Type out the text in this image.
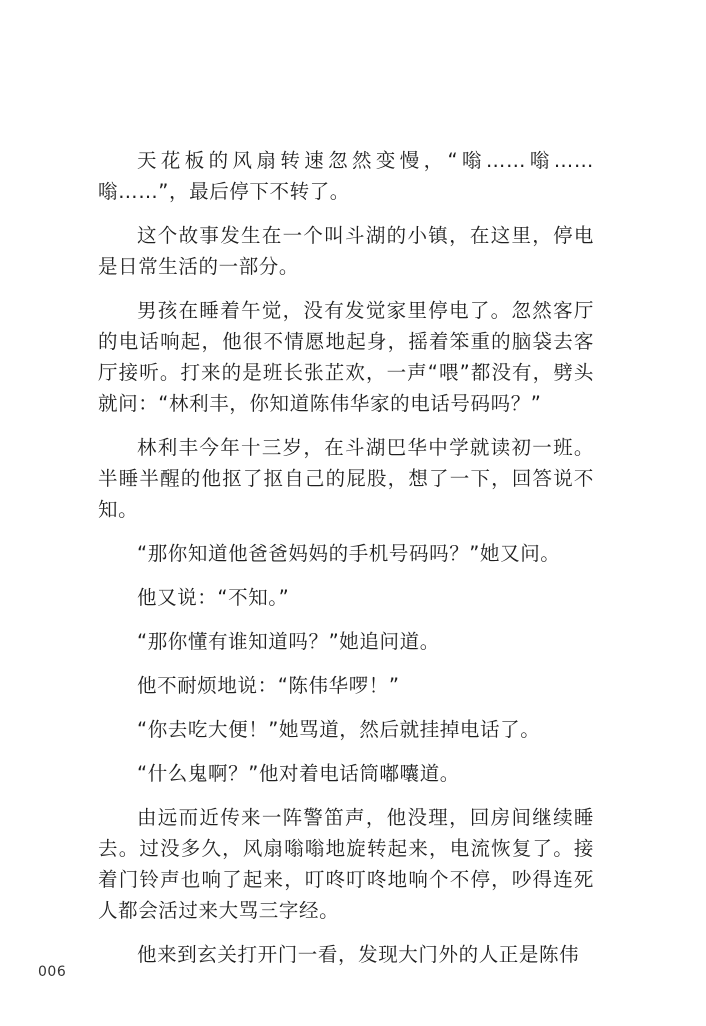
天花板的风扇转速忽然变慢，“嗡……嗡……嗡……”，最后停下不转了。

这个故事发生在一个叫斗湖的小镇，在这里，停电是日常生活的一部分。

男孩在睡着午觉，没有发觉家里停电了。忽然客厅的电话响起，他很不情愿地起身，摇着笨重的脑袋去客厅接听。打来的是班长张芷欢，一声“喂”都没有，劈头就问：“林利丰，你知道陈伟华家的电话号码吗？”

林利丰今年十三岁，在斗湖巴华中学就读初一班。半睡半醒的他抠了抠自己的屁股，想了一下，回答说不知。

“那你知道他爸爸妈妈的手机号码吗？”她又问。

他又说：“不知。”

“那你懂有谁知道吗？”她追问道。

他不耐烦地说：“陈伟华啰！”

“你去吃大便！”她骂道，然后就挂掉电话了。

“什么鬼啊？”他对着电话筒嘟囔道。

由远而近传来一阵警笛声，他没理，回房间继续睡去。过没多久，风扇嗡嗡地旋转起来，电流恢复了。接着门铃声也响了起来，叮咚叮咚地响个不停，吵得连死人都会活过来大骂三字经。

他来到玄关打开门一看，发现大门外的人正是陈伟

006
